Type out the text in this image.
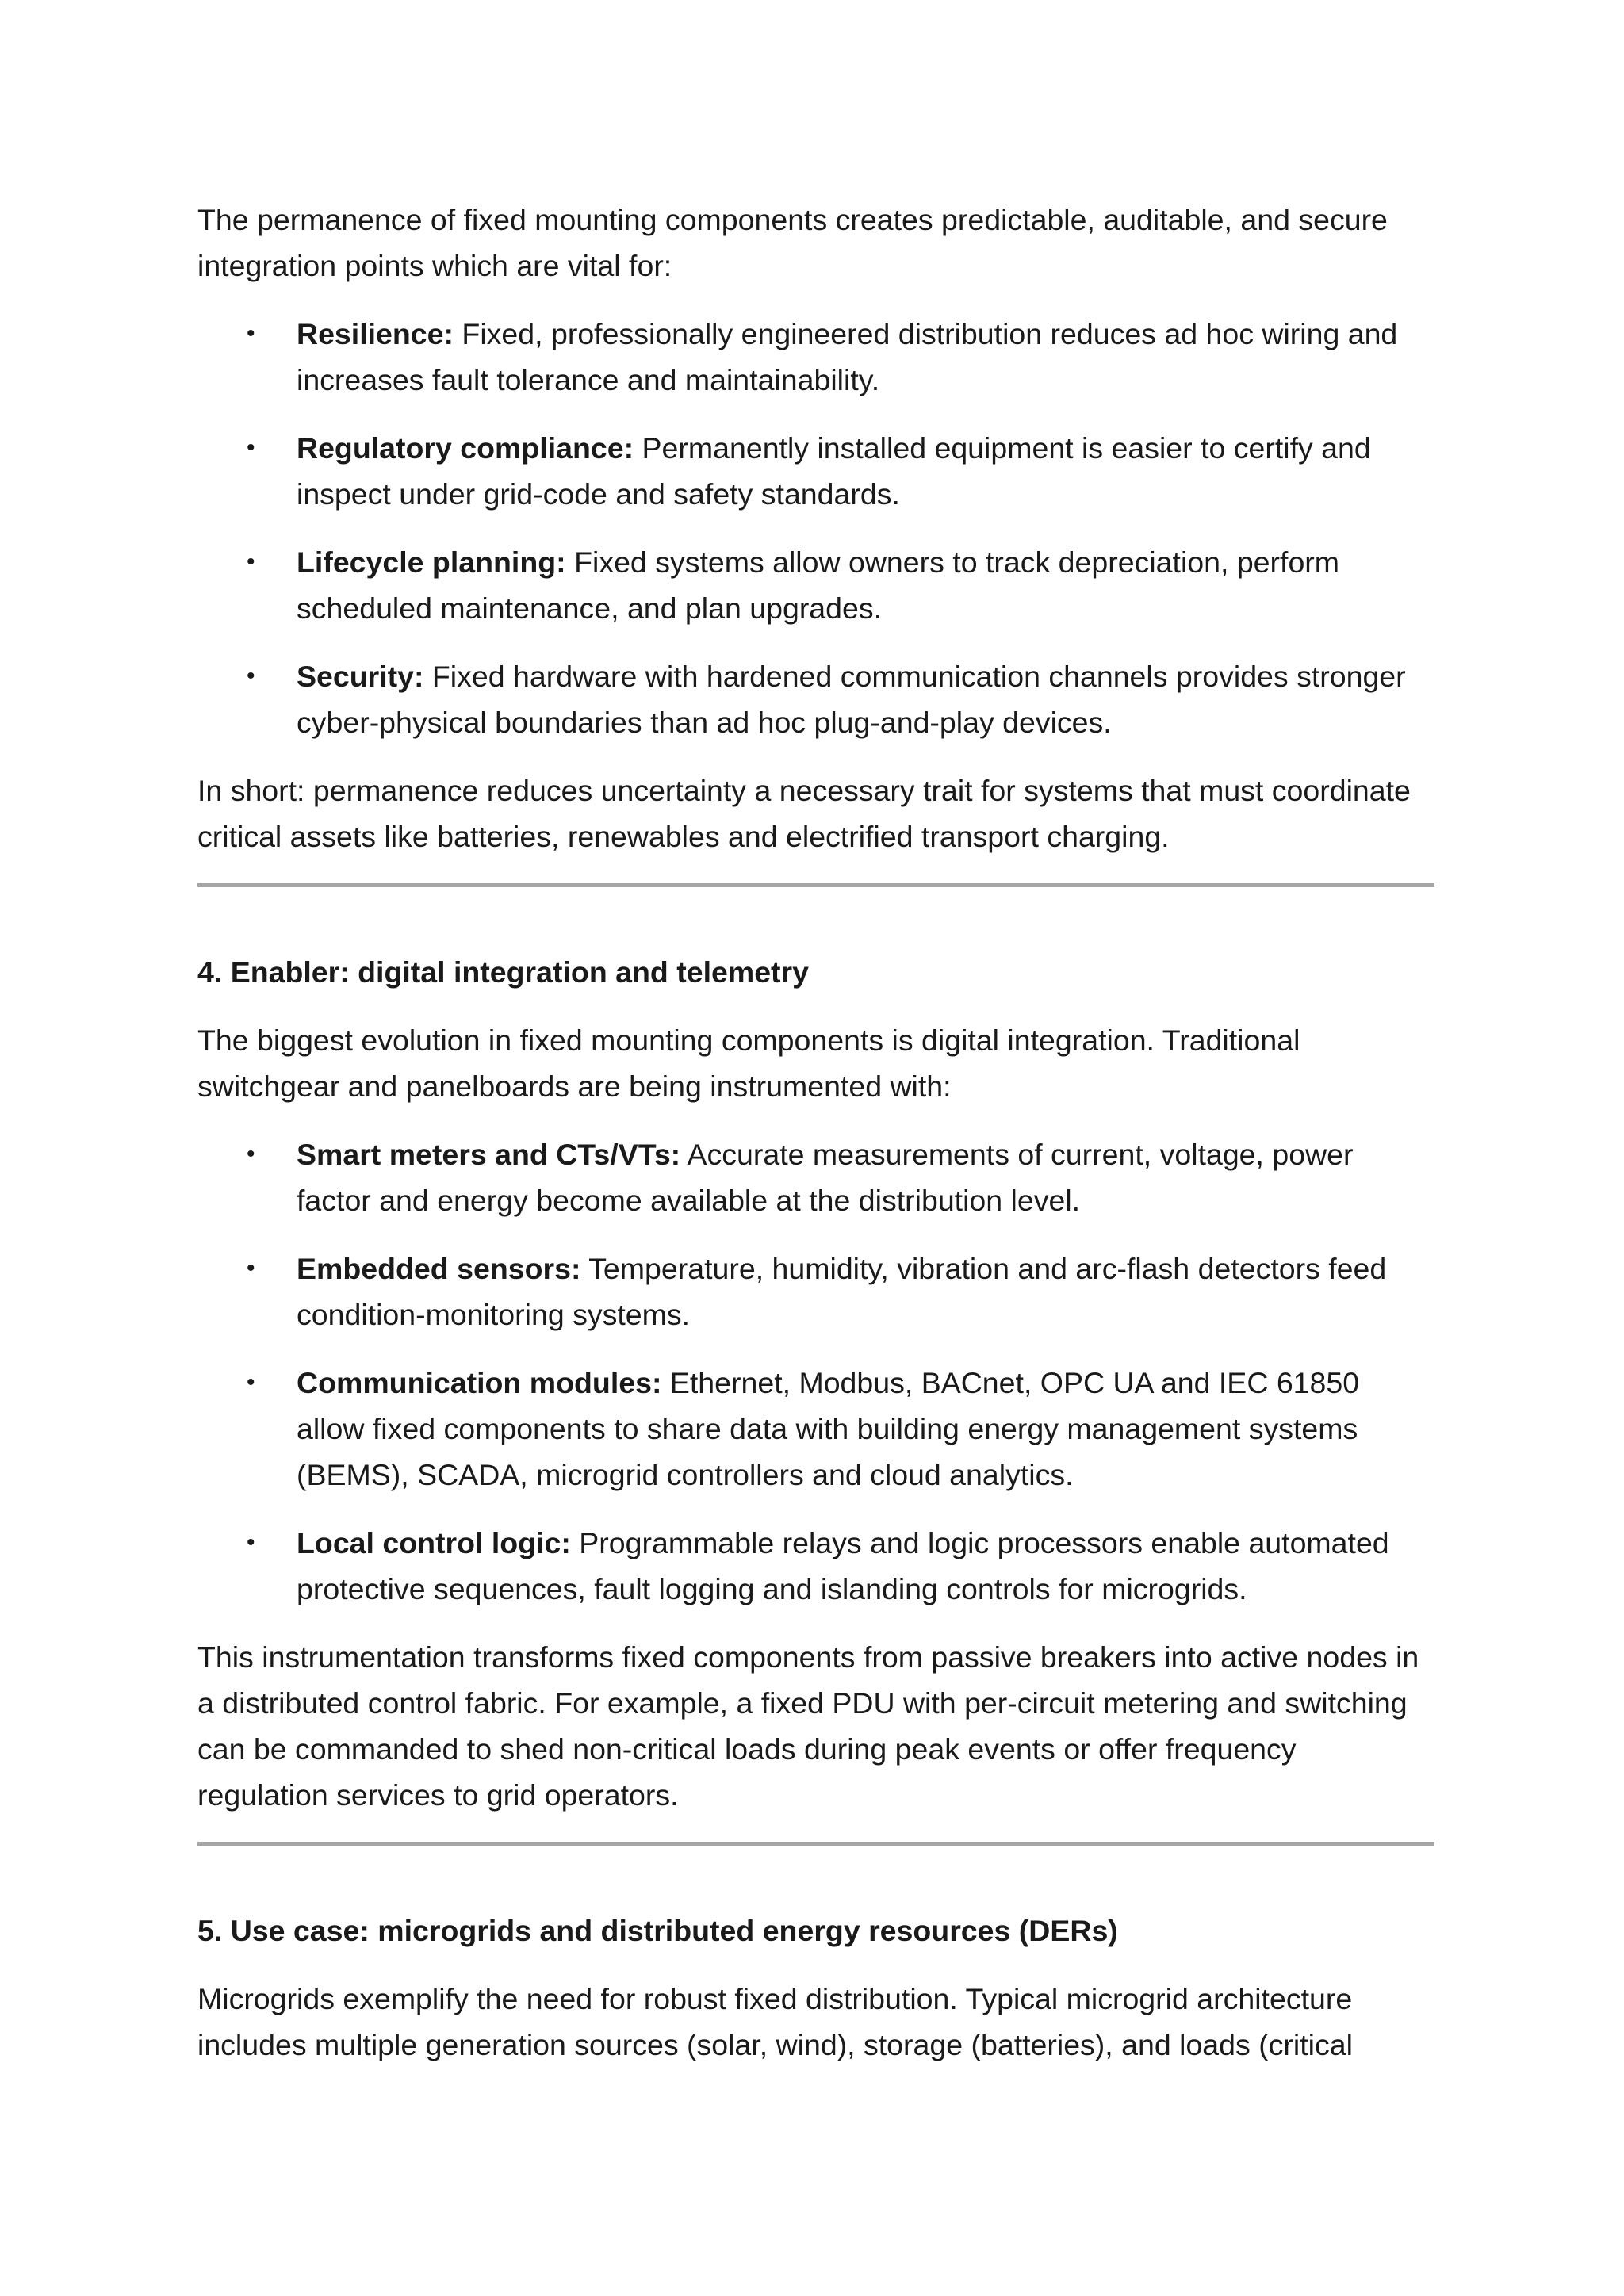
The permanence of fixed mounting components creates predictable, auditable, and secure integration points which are vital for:

• Resilience: Fixed, professionally engineered distribution reduces ad hoc wiring and increases fault tolerance and maintainability.
• Regulatory compliance: Permanently installed equipment is easier to certify and inspect under grid-code and safety standards.
• Lifecycle planning: Fixed systems allow owners to track depreciation, perform scheduled maintenance, and plan upgrades.
• Security: Fixed hardware with hardened communication channels provides stronger cyber-physical boundaries than ad hoc plug-and-play devices.

In short: permanence reduces uncertainty a necessary trait for systems that must coordinate critical assets like batteries, renewables and electrified transport charging.

4. Enabler: digital integration and telemetry

The biggest evolution in fixed mounting components is digital integration. Traditional switchgear and panelboards are being instrumented with:

• Smart meters and CTs/VTs: Accurate measurements of current, voltage, power factor and energy become available at the distribution level.
• Embedded sensors: Temperature, humidity, vibration and arc-flash detectors feed condition-monitoring systems.
• Communication modules: Ethernet, Modbus, BACnet, OPC UA and IEC 61850 allow fixed components to share data with building energy management systems (BEMS), SCADA, microgrid controllers and cloud analytics.
• Local control logic: Programmable relays and logic processors enable automated protective sequences, fault logging and islanding controls for microgrids.

This instrumentation transforms fixed components from passive breakers into active nodes in a distributed control fabric. For example, a fixed PDU with per-circuit metering and switching can be commanded to shed non-critical loads during peak events or offer frequency regulation services to grid operators.

5. Use case: microgrids and distributed energy resources (DERs)

Microgrids exemplify the need for robust fixed distribution. Typical microgrid architecture includes multiple generation sources (solar, wind), storage (batteries), and loads (critical
